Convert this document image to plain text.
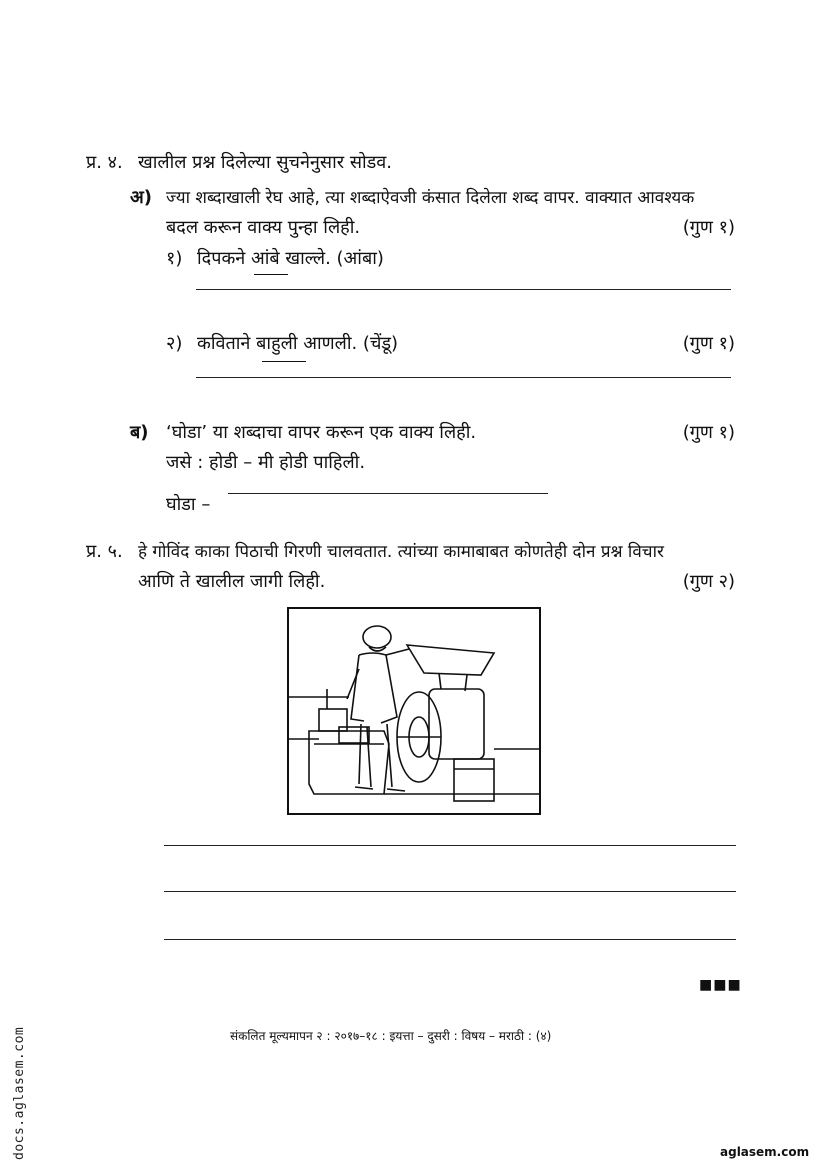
प्र. ४. खालील प्रश्न दिलेल्या सुचनेनुसार सोडव.
अ) ज्या शब्दाखाली रेघ आहे, त्या शब्दाऐवजी कंसात दिलेला शब्द वापर. वाक्यात आवश्यक
बदल करून वाक्य पुन्हा लिही.	(गुण १)
१) दिपकने आंबे खाल्ले. (आंबा)
२) कविताने बाहुली आणली. (चेंडू)	(गुण १)
ब) ‘घोडा’ या शब्दाचा वापर करून एक वाक्य लिही.	(गुण १)
जसे : होडी – मी होडी पाहिली.
घोडा –
प्र. ५. हे गोविंद काका पिठाची गिरणी चालवतात. त्यांच्या कामाबाबत कोणतेही दोन प्रश्न विचार
आणि ते खालील जागी लिही.	(गुण २)
■■■
संकलित मूल्यमापन २ : २०१७–१८ : इयत्ता – दुसरी : विषय – मराठी : (४)
docs.aglasem.com	aglasem.com
